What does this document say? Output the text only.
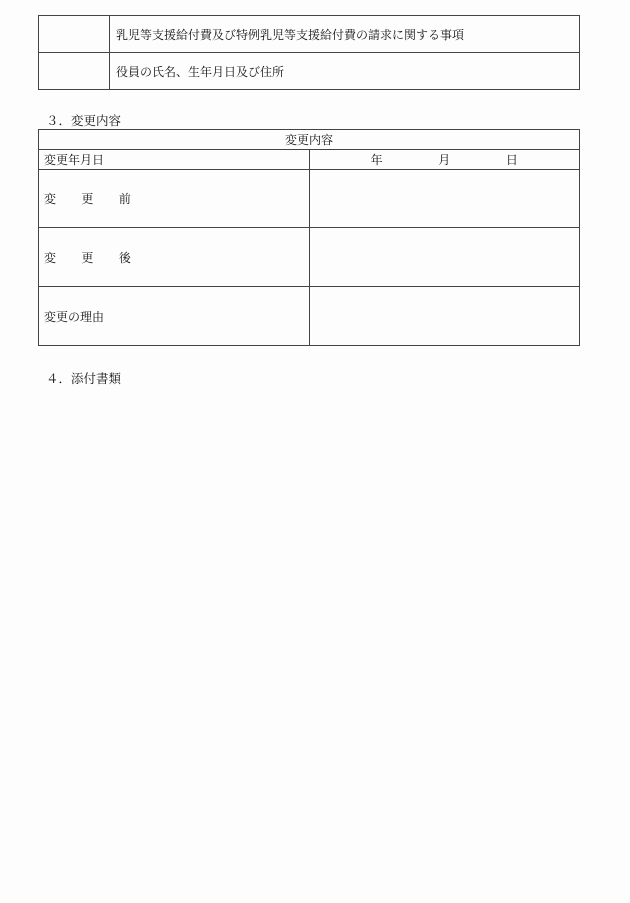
	乳児等支援給付費及び特例乳児等支援給付費の請求に関する事項
	役員の氏名、生年月日及び住所
３．変更内容
変更内容	
変更年月日	年 月 日
変 更 前	
変 更 後	
変更の理由	
４．添付書類
